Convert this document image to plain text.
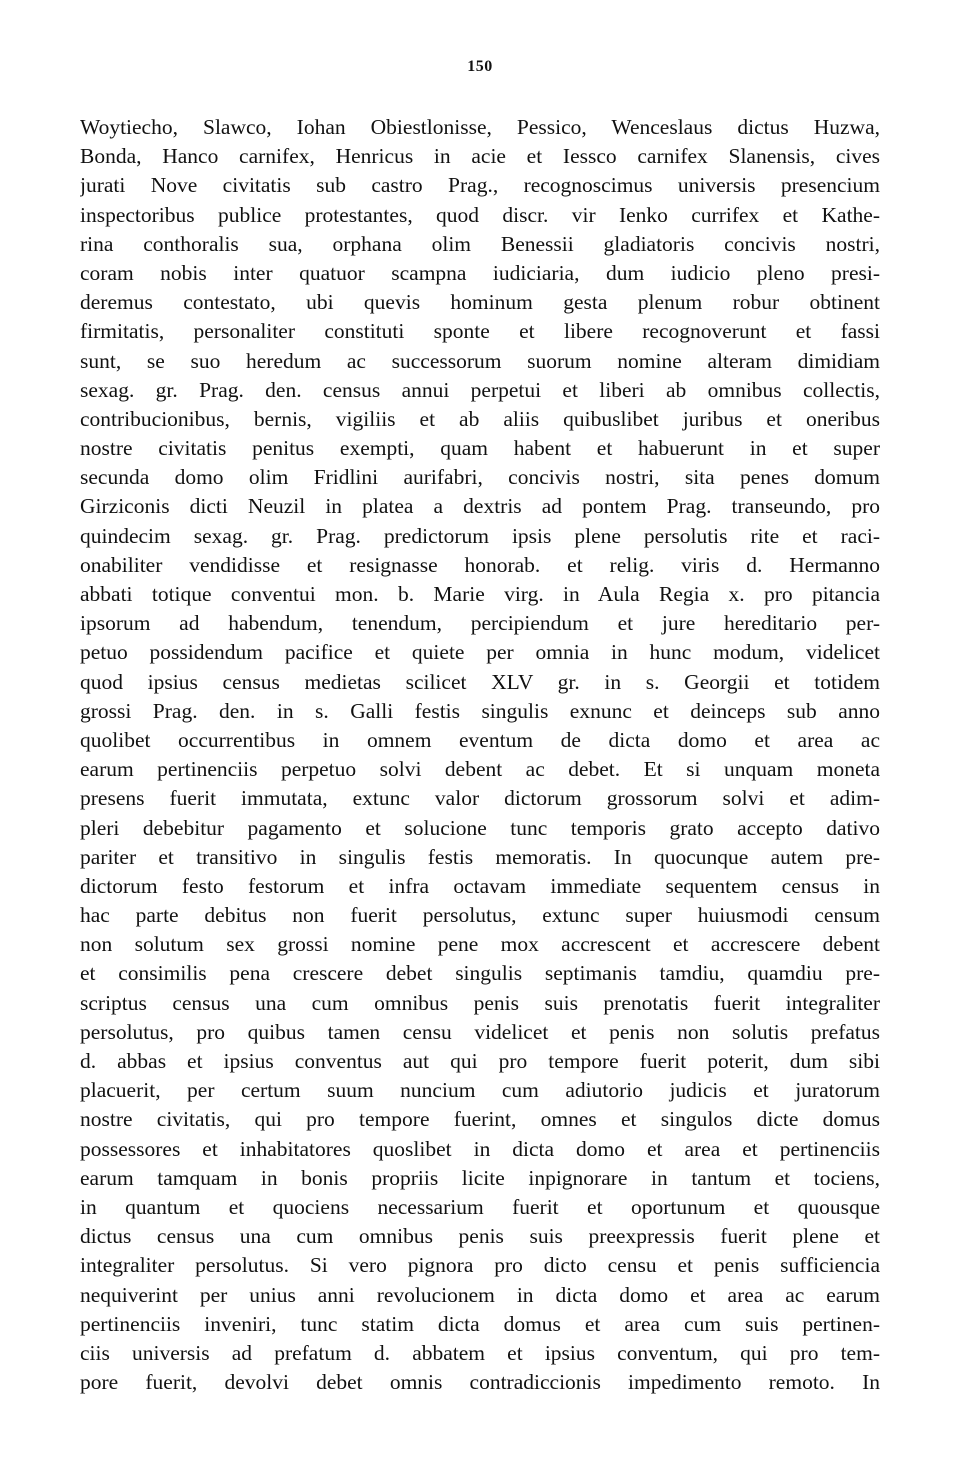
150
Woytiecho, Slawco, Iohan Obiestlonisse, Pessico, Wenceslaus dictus Huzwa,
Bonda, Hanco carnifex, Henricus in acie et Iessco carnifex Slanensis, cives
jurati Nove civitatis sub castro Prag., recognoscimus universis presencium
inspectoribus publice protestantes, quod discr. vir Ienko currifex et Kathe-
rina conthoralis sua, orphana olim Benessii gladiatoris concivis nostri,
coram nobis inter quatuor scampna iudiciaria, dum iudicio pleno presi-
deremus contestato, ubi quevis hominum gesta plenum robur obtinent
firmitatis, personaliter constituti sponte et libere recognoverunt et fassi
sunt, se suo heredum ac successorum suorum nomine alteram dimidiam
sexag. gr. Prag. den. census annui perpetui et liberi ab omnibus collectis,
contribucionibus, bernis, vigiliis et ab aliis quibuslibet juribus et oneribus
nostre civitatis penitus exempti, quam habent et habuerunt in et super
secunda domo olim Fridlini aurifabri, concivis nostri, sita penes domum
Girziconis dicti Neuzil in platea a dextris ad pontem Prag. transeundo, pro
quindecim sexag. gr. Prag. predictorum ipsis plene persolutis rite et raci-
onabiliter vendidisse et resignasse honorab. et relig. viris d. Hermanno
abbati totique conventui mon. b. Marie virg. in Aula Regia x. pro pitancia
ipsorum ad habendum, tenendum, percipiendum et jure hereditario per-
petuo possidendum pacifice et quiete per omnia in hunc modum, videlicet
quod ipsius census medietas scilicet XLV gr. in s. Georgii et totidem
grossi Prag. den. in s. Galli festis singulis exnunc et deinceps sub anno
quolibet occurrentibus in omnem eventum de dicta domo et area ac
earum pertinenciis perpetuo solvi debent ac debet. Et si unquam moneta
presens fuerit immutata, extunc valor dictorum grossorum solvi et adim-
pleri debebitur pagamento et solucione tunc temporis grato accepto dativo
pariter et transitivo in singulis festis memoratis. In quocunque autem pre-
dictorum festo festorum et infra octavam immediate sequentem census in
hac parte debitus non fuerit persolutus, extunc super huiusmodi censum
non solutum sex grossi nomine pene mox accrescent et accrescere debent
et consimilis pena crescere debet singulis septimanis tamdiu, quamdiu pre-
scriptus census una cum omnibus penis suis prenotatis fuerit integraliter
persolutus, pro quibus tamen censu videlicet et penis non solutis prefatus
d. abbas et ipsius conventus aut qui pro tempore fuerit poterit, dum sibi
placuerit, per certum suum nuncium cum adiutorio judicis et juratorum
nostre civitatis, qui pro tempore fuerint, omnes et singulos dicte domus
possessores et inhabitatores quoslibet in dicta domo et area et pertinenciis
earum tamquam in bonis propriis licite inpignorare in tantum et tociens,
in quantum et quociens necessarium fuerit et oportunum et quousque
dictus census una cum omnibus penis suis preexpressis fuerit plene et
integraliter persolutus. Si vero pignora pro dicto censu et penis sufficiencia
nequiverint per unius anni revolucionem in dicta domo et area ac earum
pertinenciis inveniri, tunc statim dicta domus et area cum suis pertinen-
ciis universis ad prefatum d. abbatem et ipsius conventum, qui pro tem-
pore fuerit, devolvi debet omnis contradiccionis impedimento remoto. In
